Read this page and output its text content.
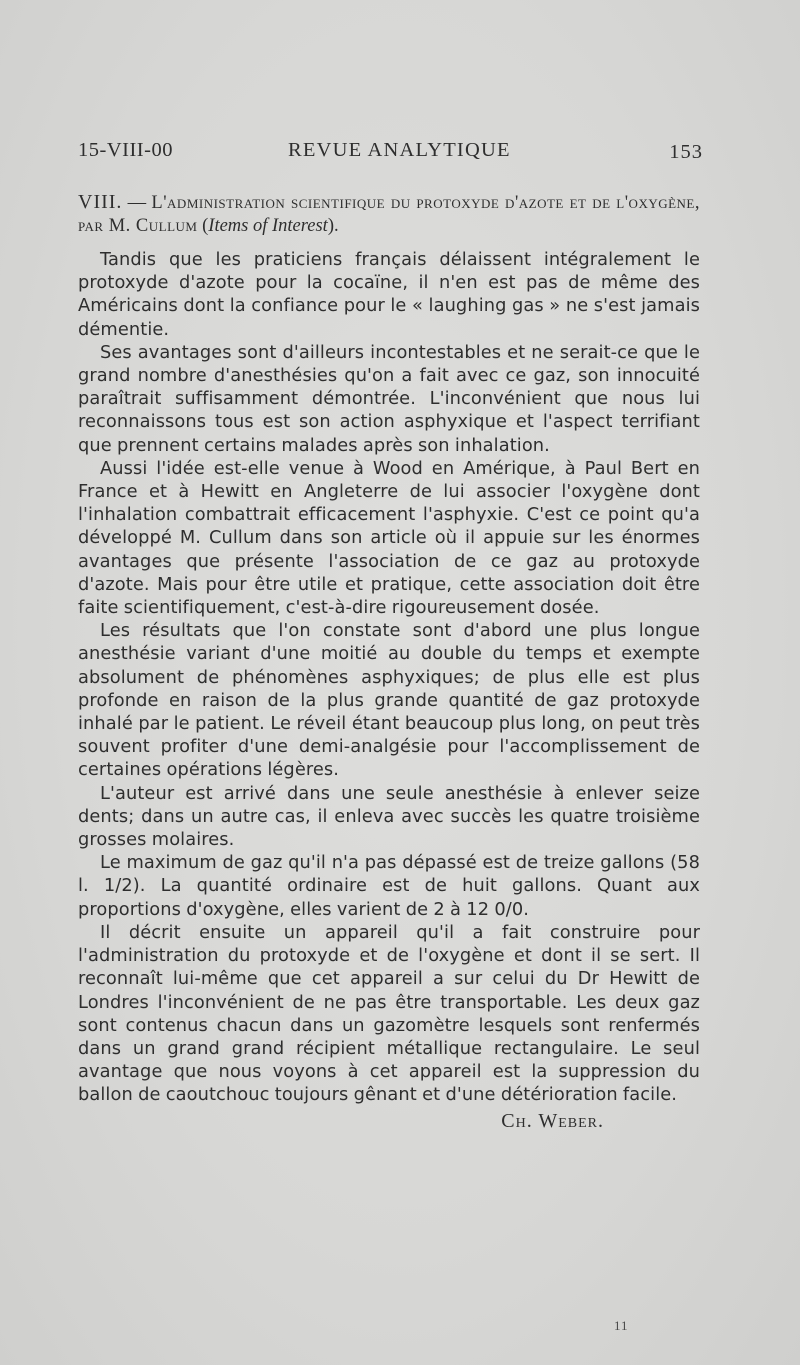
15-VIII-00	REVUE ANALYTIQUE	153

VIII. — L'administration scientifique du protoxyde d'azote et de l'oxygène, par M. Cullum (Items of Interest).

Tandis que les praticiens français délaissent intégralement le protoxyde d'azote pour la cocaïne, il n'en est pas de même des Américains dont la confiance pour le « laughing gas » ne s'est jamais démentie.

Ses avantages sont d'ailleurs incontestables et ne serait-ce que le grand nombre d'anesthésies qu'on a fait avec ce gaz, son innocuité paraîtrait suffisamment démontrée. L'inconvénient que nous lui reconnaissons tous est son action asphyxique et l'aspect terrifiant que prennent certains malades après son inhalation.

Aussi l'idée est-elle venue à Wood en Amérique, à Paul Bert en France et à Hewitt en Angleterre de lui associer l'oxygène dont l'inhalation combattrait efficacement l'asphyxie. C'est ce point qu'a développé M. Cullum dans son article où il appuie sur les énormes avantages que présente l'association de ce gaz au protoxyde d'azote. Mais pour être utile et pratique, cette association doit être faite scientifiquement, c'est-à-dire rigoureusement dosée.

Les résultats que l'on constate sont d'abord une plus longue anesthésie variant d'une moitié au double du temps et exempte absolument de phénomènes asphyxiques; de plus elle est plus profonde en raison de la plus grande quantité de gaz protoxyde inhalé par le patient. Le réveil étant beaucoup plus long, on peut très souvent profiter d'une demi-analgésie pour l'accomplissement de certaines opérations légères.

L'auteur est arrivé dans une seule anesthésie à enlever seize dents; dans un autre cas, il enleva avec succès les quatre troisième grosses molaires.

Le maximum de gaz qu'il n'a pas dépassé est de treize gallons (58 l. 1/2). La quantité ordinaire est de huit gallons. Quant aux proportions d'oxygène, elles varient de 2 à 12 0/0.

Il décrit ensuite un appareil qu'il a fait construire pour l'administration du protoxyde et de l'oxygène et dont il se sert. Il reconnaît lui-même que cet appareil a sur celui du Dr Hewitt de Londres l'inconvénient de ne pas être transportable. Les deux gaz sont contenus chacun dans un gazomètre lesquels sont renfermés dans un grand grand récipient métallique rectangulaire. Le seul avantage que nous voyons à cet appareil est la suppression du ballon de caoutchouc toujours gênant et d'une détérioration facile.

Ch. Weber.

11
